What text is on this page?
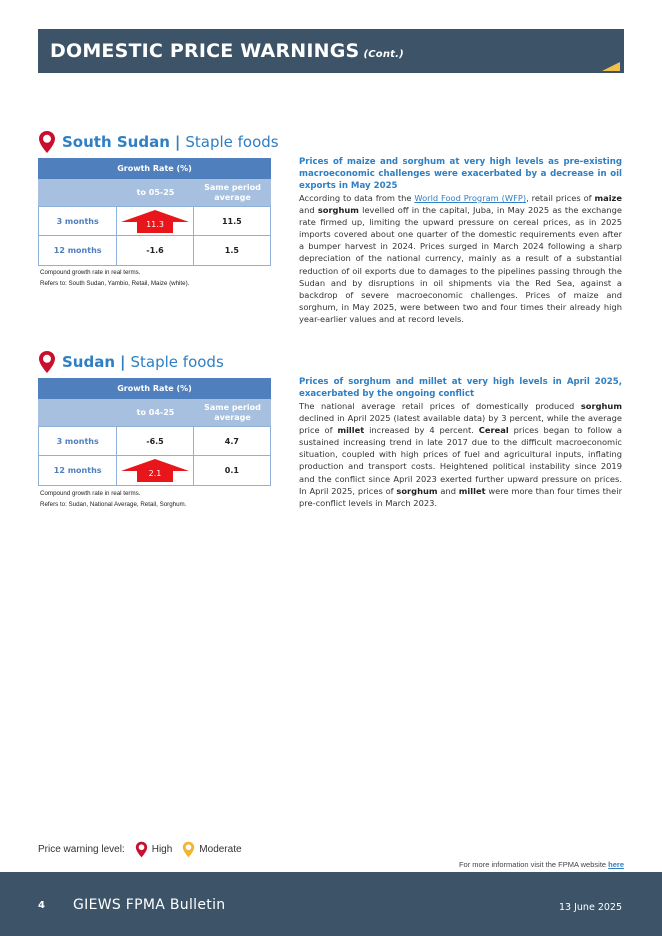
DOMESTIC PRICE WARNINGS (Cont.)
South Sudan | Staple foods
Growth Rate (%)
to 05-25
Same period average
3 months	11.3	11.5
12 months	-1.6	1.5
Compound growth rate in real terms.
Refers to: South Sudan, Yambio, Retail, Maize (white).
Prices of maize and sorghum at very high levels as pre-existing macroeconomic challenges were exacerbated by a decrease in oil exports in May 2025
According to data from the World Food Program (WFP), retail prices of maize and sorghum levelled off in the capital, Juba, in May 2025 as the exchange rate firmed up, limiting the upward pressure on cereal prices, as in 2025 imports covered about one quarter of the domestic requirements even after a bumper harvest in 2024. Prices surged in March 2024 following a sharp depreciation of the national currency, mainly as a result of a substantial reduction of oil exports due to damages to the pipelines passing through the Sudan and by disruptions in oil shipments via the Red Sea, against a backdrop of severe macroeconomic challenges. Prices of maize and sorghum, in May 2025, were between two and four times their already high year-earlier values and at record levels.
Sudan | Staple foods
Growth Rate (%)
to 04-25
Same period average
3 months	-6.5	4.7
12 months	2.1	0.1
Compound growth rate in real terms.
Refers to: Sudan, National Average, Retail, Sorghum.
Prices of sorghum and millet at very high levels in April 2025, exacerbated by the ongoing conflict
The national average retail prices of domestically produced sorghum declined in April 2025 (latest available data) by 3 percent, while the average price of millet increased by 4 percent. Cereal prices began to follow a sustained increasing trend in late 2017 due to the difficult macroeconomic situation, coupled with high prices of fuel and agricultural inputs, inflating production and transport costs. Heightened political instability since 2019 and the conflict since April 2023 exerted further upward pressure on prices. In April 2025, prices of sorghum and millet were more than four times their pre-conflict levels in March 2023.
Price warning level:	High	Moderate
For more information visit the FPMA website here
4 GIEWS FPMA Bulletin	13 June 2025
